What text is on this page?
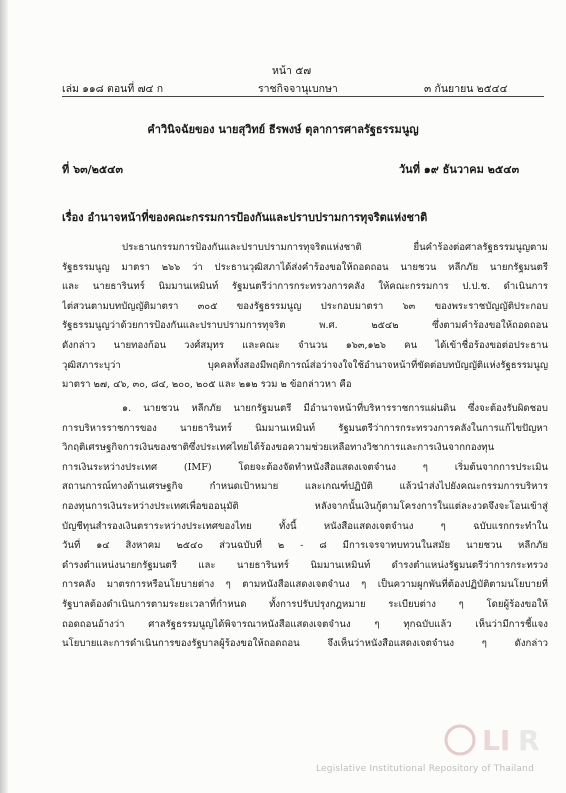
หน้า ๕๗
เล่ม ๑๑๘ ตอนที่ ๗๔ ก	ราชกิจจานุเบกษา	๓ กันยายน ๒๕๔๔
คำวินิจฉัยของ นายสุวิทย์ ธีรพงษ์ ตุลาการศาลรัฐธรรมนูญ
ที่ ๖๓/๒๕๔๓	วันที่ ๑๙ ธันวาคม ๒๕๔๓
เรื่อง อำนาจหน้าที่ของคณะกรรมการป้องกันและปราบปรามการทุจริตแห่งชาติ

ประธานกรรมการป้องกันและปราบปรามการทุจริตแห่งชาติ ยื่นคำร้องต่อศาลรัฐธรรมนูญตาม

รัฐธรรมนูญ มาตรา ๒๖๖ ว่า ประธานวุฒิสภาได้ส่งคำร้องขอให้ถอดถอน นายชวน หลีกภัย นายกรัฐมนตรี

และ นายธารินทร์ นิมมานเหมินท์ รัฐมนตรีว่าการกระทรวงการคลัง ให้คณะกรรมการ ป.ป.ช. ดำเนินการ

ไต่สวนตามบทบัญญัติมาตรา ๓๐๕ ของรัฐธรรมนูญ ประกอบมาตรา ๖๓ ของพระราชบัญญัติประกอบ

รัฐธรรมนูญว่าด้วยการป้องกันและปราบปรามการทุจริต พ.ศ. ๒๕๔๒ ซึ่งตามคำร้องขอให้ถอดถอน

ดังกล่าว นายทองก้อน วงศ์สมุทร และคณะ จำนวน ๑๖๓,๑๒๖ คน ได้เข้าชื่อร้องขอต่อประธาน

วุฒิสภาระบุว่า บุคคลทั้งสองมีพฤติการณ์ส่อว่าจงใจใช้อำนาจหน้าที่ขัดต่อบทบัญญัติแห่งรัฐธรรมนูญ

มาตรา ๒๗, ๔๖, ๓๐, ๘๔, ๒๐๐, ๒๐๕ และ ๒๑๒ รวม ๒ ข้อกล่าวหา คือ

๑. นายชวน หลีกภัย นายกรัฐมนตรี มีอำนาจหน้าที่บริหารราชการแผ่นดิน ซึ่งจะต้องรับผิดชอบ

การบริหารราชการของ นายธารินทร์ นิมมานเหมินท์ รัฐมนตรีว่าการกระทรวงการคลังในการแก้ไขปัญหา

วิกฤติเศรษฐกิจการเงินของชาติซึ่งประเทศไทยได้ร้องขอความช่วยเหลือทางวิชาการและการเงินจากกองทุน

การเงินระหว่างประเทศ (IMF) โดยจะต้องจัดทำหนังสือแสดงเจตจำนง ๆ เริ่มต้นจากการประเมิน

สถานการณ์ทางด้านเศรษฐกิจ กำหนดเป้าหมาย และเกณฑ์ปฏิบัติ แล้วนำส่งไปยังคณะกรรมการบริหาร

กองทุนการเงินระหว่างประเทศเพื่อขออนุมัติ หลังจากนั้นเงินกู้ตามโครงการในแต่ละงวดจึงจะโอนเข้าสู่

บัญชีทุนสำรองเงินตราระหว่างประเทศของไทย ทั้งนี้ หนังสือแสดงเจตจำนง ๆ ฉบับแรกกระทำใน

วันที่ ๑๔ สิงหาคม ๒๕๔๐ ส่วนฉบับที่ ๒ - ๘ มีการเจรจาทบทวนในสมัย นายชวน หลีกภัย

ดำรงตำแหน่งนายกรัฐมนตรี และ นายธารินทร์ นิมมานเหมินท์ ดำรงตำแหน่งรัฐมนตรีว่าการกระทรวง

การคลัง มาตรการหรือนโยบายต่าง ๆ ตามหนังสือแสดงเจตจำนง ๆ เป็นความผูกพันที่ต้องปฏิบัติตามนโยบายที่

รัฐบาลต้องดำเนินการตามระยะเวลาที่กำหนด ทั้งการปรับปรุงกฎหมาย ระเบียบต่าง ๆ โดยผู้ร้องขอให้

ถอดถอนอ้างว่า ศาลรัฐธรรมนูญได้พิจารณาหนังสือแสดงเจตจำนง ๆ ทุกฉบับแล้ว เห็นว่ามีการชี้แจง

นโยบายและการดำเนินการของรัฐบาลผู้ร้องขอให้ถอดถอน จึงเห็นว่าหนังสือแสดงเจตจำนง ๆ ดังกล่าว

LI R
Legislative Institutional Repository of Thailand
